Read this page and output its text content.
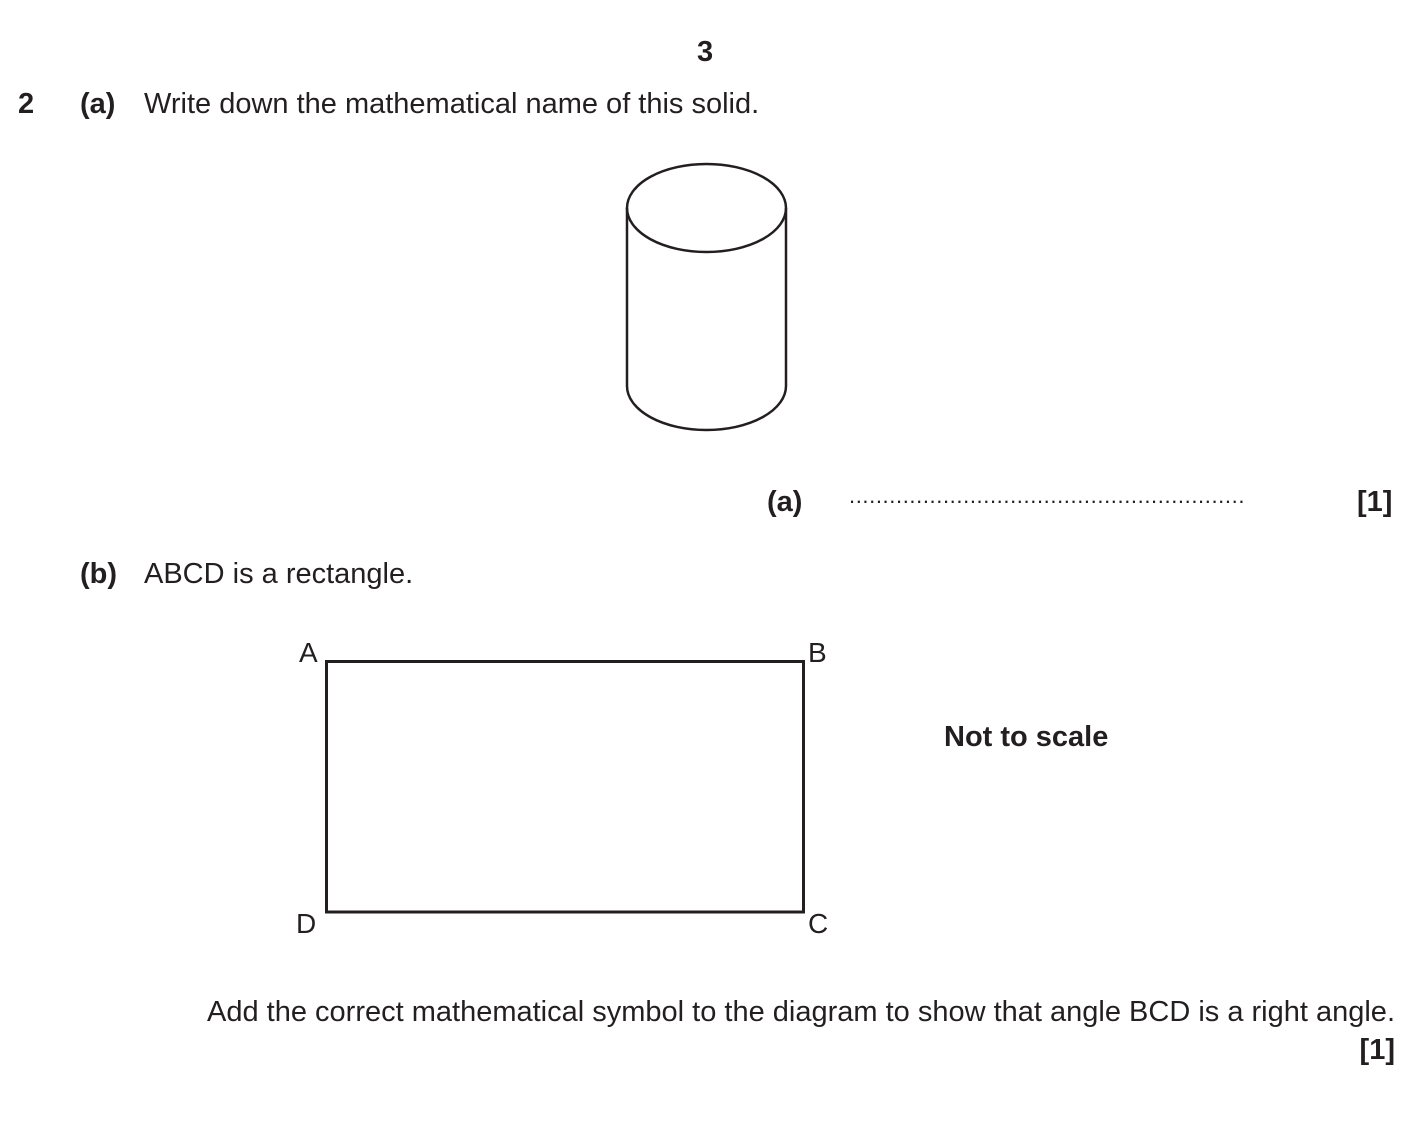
3
2 (a) Write down the mathematical name of this solid.
(a) ...........................................................	[1]
(b) ABCD is a rectangle.
A	B
C
D
Not to scale
Add the correct mathematical symbol to the diagram to show that angle BCD is a right angle.
[1]
